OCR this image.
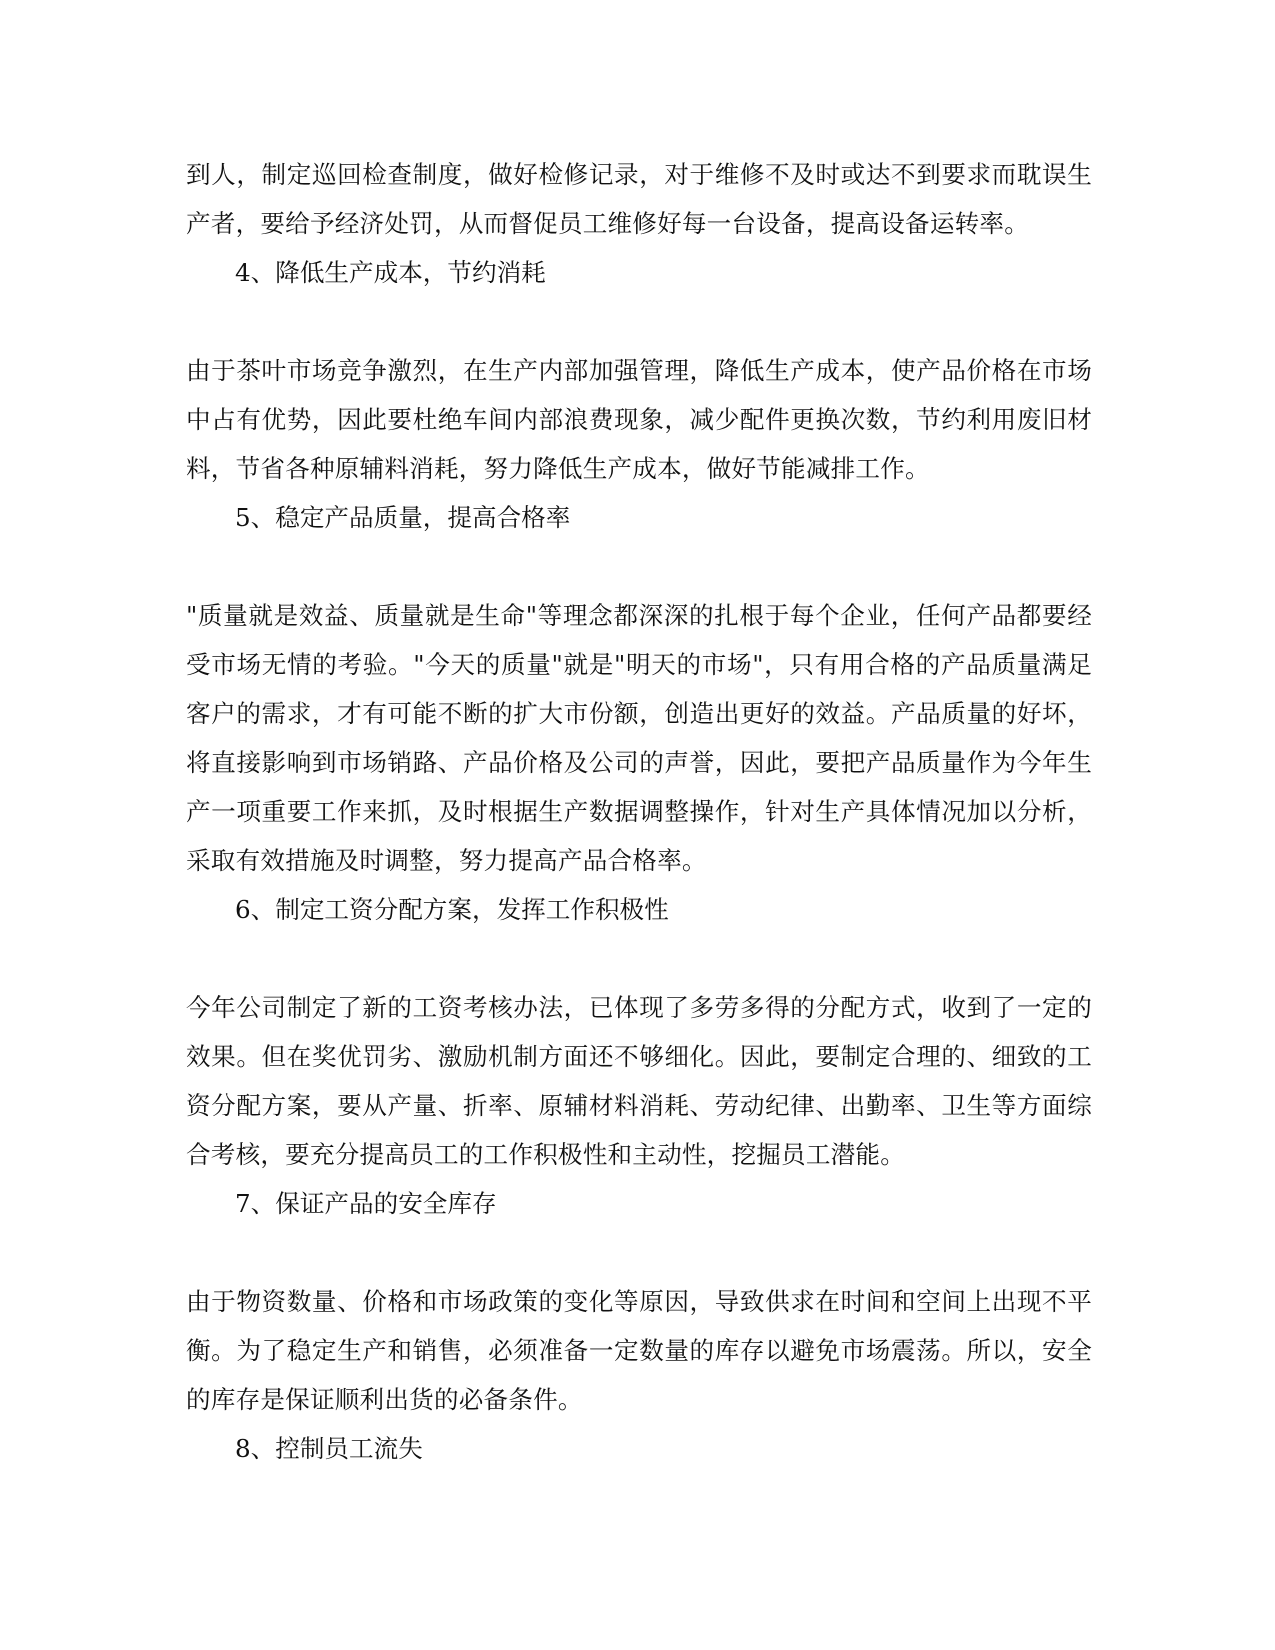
到人，制定巡回检查制度，做好检修记录，对于维修不及时或达不到要求而耽误生产者，要给予经济处罚，从而督促员工维修好每一台设备，提高设备运转率。

4、降低生产成本，节约消耗

由于茶叶市场竞争激烈，在生产内部加强管理，降低生产成本，使产品价格在市场中占有优势，因此要杜绝车间内部浪费现象，减少配件更换次数，节约利用废旧材料，节省各种原辅料消耗，努力降低生产成本，做好节能减排工作。

5、稳定产品质量，提高合格率

"质量就是效益、质量就是生命"等理念都深深的扎根于每个企业，任何产品都要经受市场无情的考验。"今天的质量"就是"明天的市场"，只有用合格的产品质量满足客户的需求，才有可能不断的扩大市份额，创造出更好的效益。产品质量的好坏，将直接影响到市场销路、产品价格及公司的声誉，因此，要把产品质量作为今年生产一项重要工作来抓，及时根据生产数据调整操作，针对生产具体情况加以分析，采取有效措施及时调整，努力提高产品合格率。

6、制定工资分配方案，发挥工作积极性

今年公司制定了新的工资考核办法，已体现了多劳多得的分配方式，收到了一定的效果。但在奖优罚劣、激励机制方面还不够细化。因此，要制定合理的、细致的工资分配方案，要从产量、折率、原辅材料消耗、劳动纪律、出勤率、卫生等方面综合考核，要充分提高员工的工作积极性和主动性，挖掘员工潜能。

7、保证产品的安全库存

由于物资数量、价格和市场政策的变化等原因，导致供求在时间和空间上出现不平衡。为了稳定生产和销售，必须准备一定数量的库存以避免市场震荡。所以，安全的库存是保证顺利出货的必备条件。

8、控制员工流失
